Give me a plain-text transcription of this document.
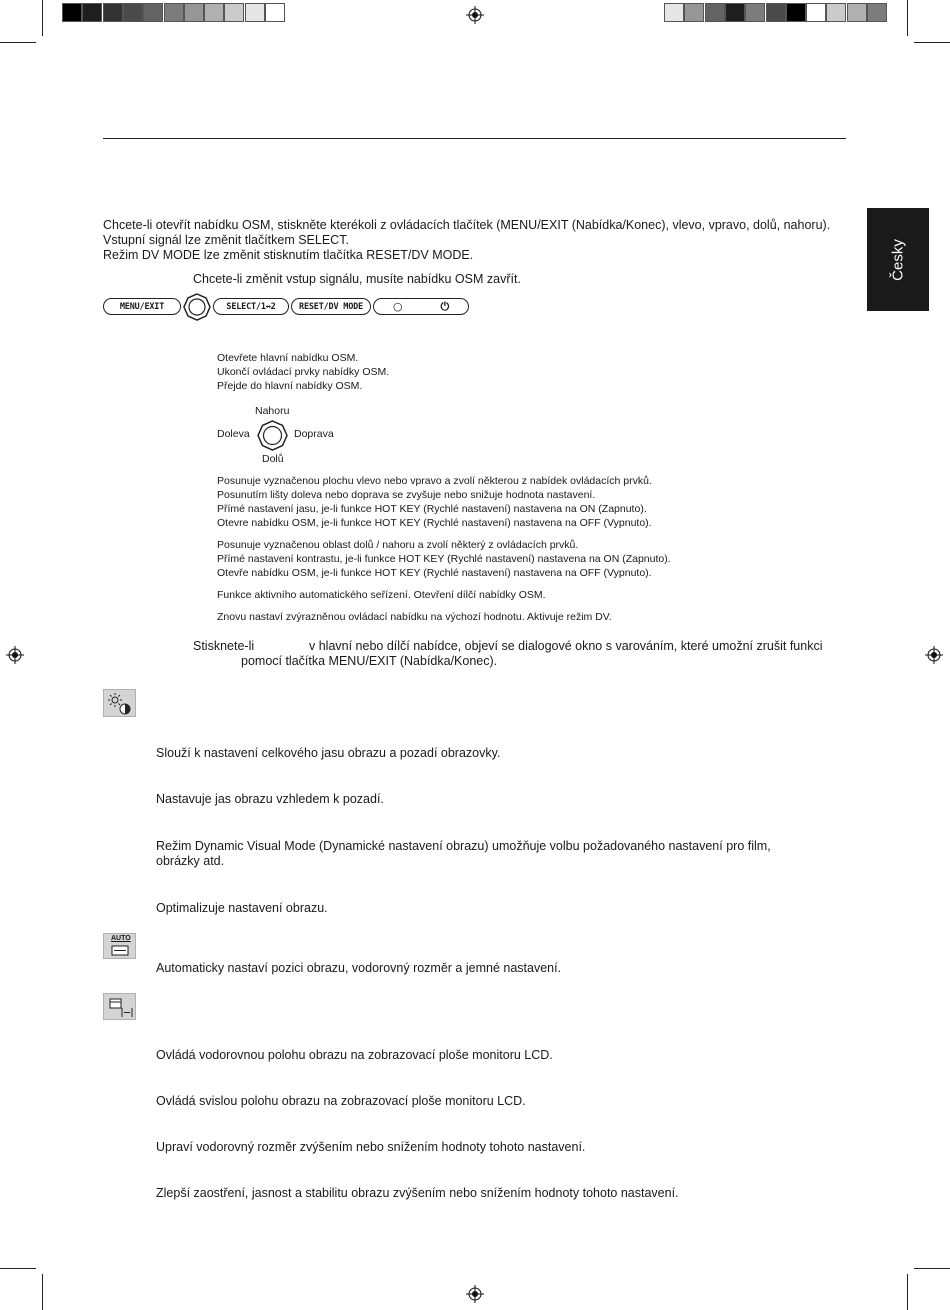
Česky
Chcete-li otevřít nabídku OSM, stiskněte kterékoli z ovládacích tlačítek (MENU/EXIT (Nabídka/Konec), vlevo, vpravo, dolů, nahoru).
Vstupní signál lze změnit tlačítkem SELECT.
Režim DV MODE lze změnit stisknutím tlačítka RESET/DV MODE.
Chcete-li změnit vstup signálu, musíte nabídku OSM zavřít.
MENU/EXIT	SELECT/1↔2	RESET/DV MODE	○	⏻
Otevřete hlavní nabídku OSM.
Ukončí ovládací prvky nabídky OSM.
Přejde do hlavní nabídky OSM.
Nahoru
Doleva	Doprava
Dolů
Posunuje vyznačenou plochu vlevo nebo vpravo a zvolí některou z nabídek ovládacích prvků.
Posunutím lišty doleva nebo doprava se zvyšuje nebo snižuje hodnota nastavení.
Přímé nastavení jasu, je-li funkce HOT KEY (Rychlé nastavení) nastavena na ON (Zapnuto).
Otevre nabídku OSM, je-li funkce HOT KEY (Rychlé nastavení) nastavena na OFF (Vypnuto).
Posunuje vyznačenou oblast dolů / nahoru a zvolí některý z ovládacích prvků.
Přímé nastavení kontrastu, je-li funkce HOT KEY (Rychlé nastavení) nastavena na ON (Zapnuto).
Otevře nabídku OSM, je-li funkce HOT KEY (Rychlé nastavení) nastavena na OFF (Vypnuto).
Funkce aktivního automatického seřízení. Otevření dílčí nabídky OSM.
Znovu nastaví zvýrazněnou ovládací nabídku na výchozí hodnotu. Aktivuje režim DV.
Stisknete-li	v hlavní nebo dílčí nabídce, objeví se dialogové okno s varováním, které umožní zrušit funkci
pomocí tlačítka MENU/EXIT (Nabídka/Konec).
Slouží k nastavení celkového jasu obrazu a pozadí obrazovky.
Nastavuje jas obrazu vzhledem k pozadí.
Režim Dynamic Visual Mode (Dynamické nastavení obrazu) umožňuje volbu požadovaného nastavení pro film,
obrázky atd.
Optimalizuje nastavení obrazu.
AUTO
Automaticky nastaví pozici obrazu, vodorovný rozměr a jemné nastavení.
Ovládá vodorovnou polohu obrazu na zobrazovací ploše monitoru LCD.
Ovládá svislou polohu obrazu na zobrazovací ploše monitoru LCD.
Upraví vodorovný rozměr zvýšením nebo snížením hodnoty tohoto nastavení.
Zlepší zaostření, jasnost a stabilitu obrazu zvýšením nebo snížením hodnoty tohoto nastavení.
